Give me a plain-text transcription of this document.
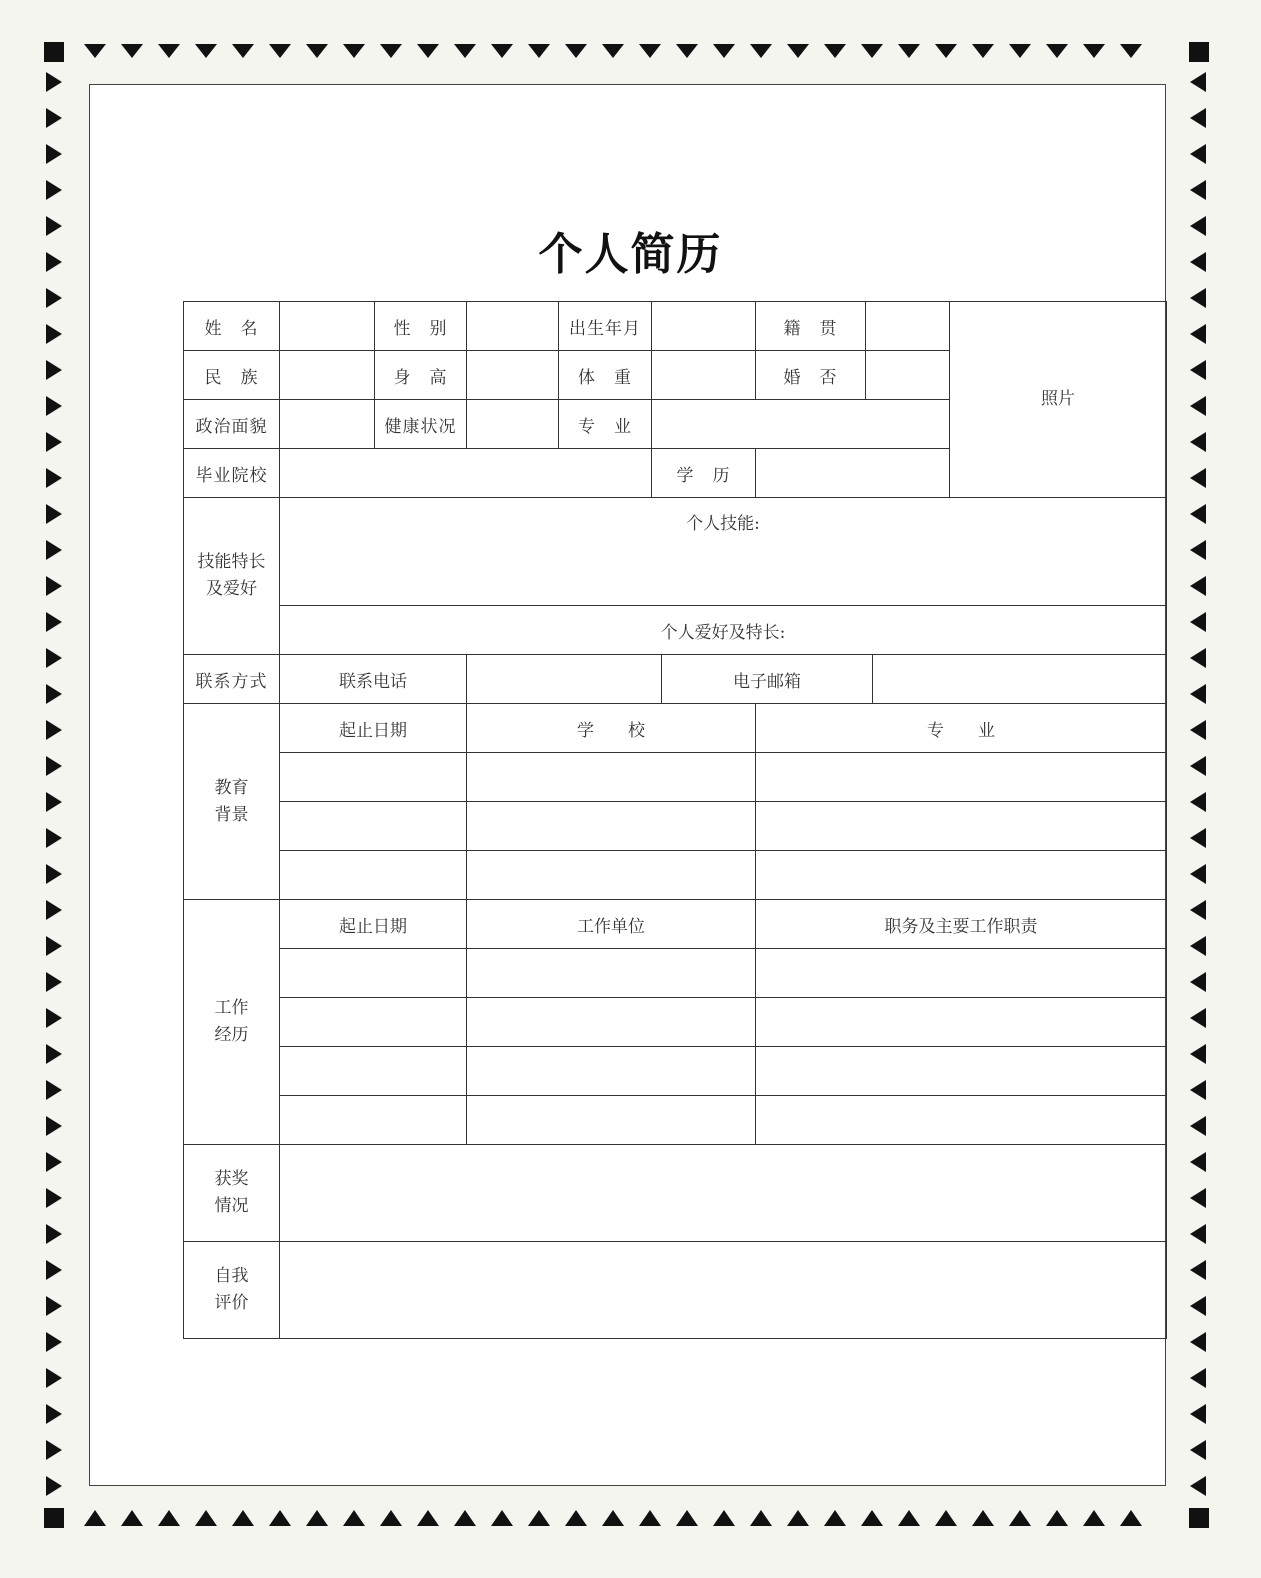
个人简历
姓　名		性　别		出生年月			籍　贯			照片
民　族		身　高		体　重			婚　否			
政治面貌		健康状况		专　业						
毕业院校					学　历					
技能特长及爱好	个人技能:									
	个人爱好及特长:									
联系方式	联系电话					电子邮箱				
教育背景	起止日期		学　　校				专　　业			

工作经历	起止日期		工作单位				职务及主要工作职责			

获奖情况										
自我评价										
